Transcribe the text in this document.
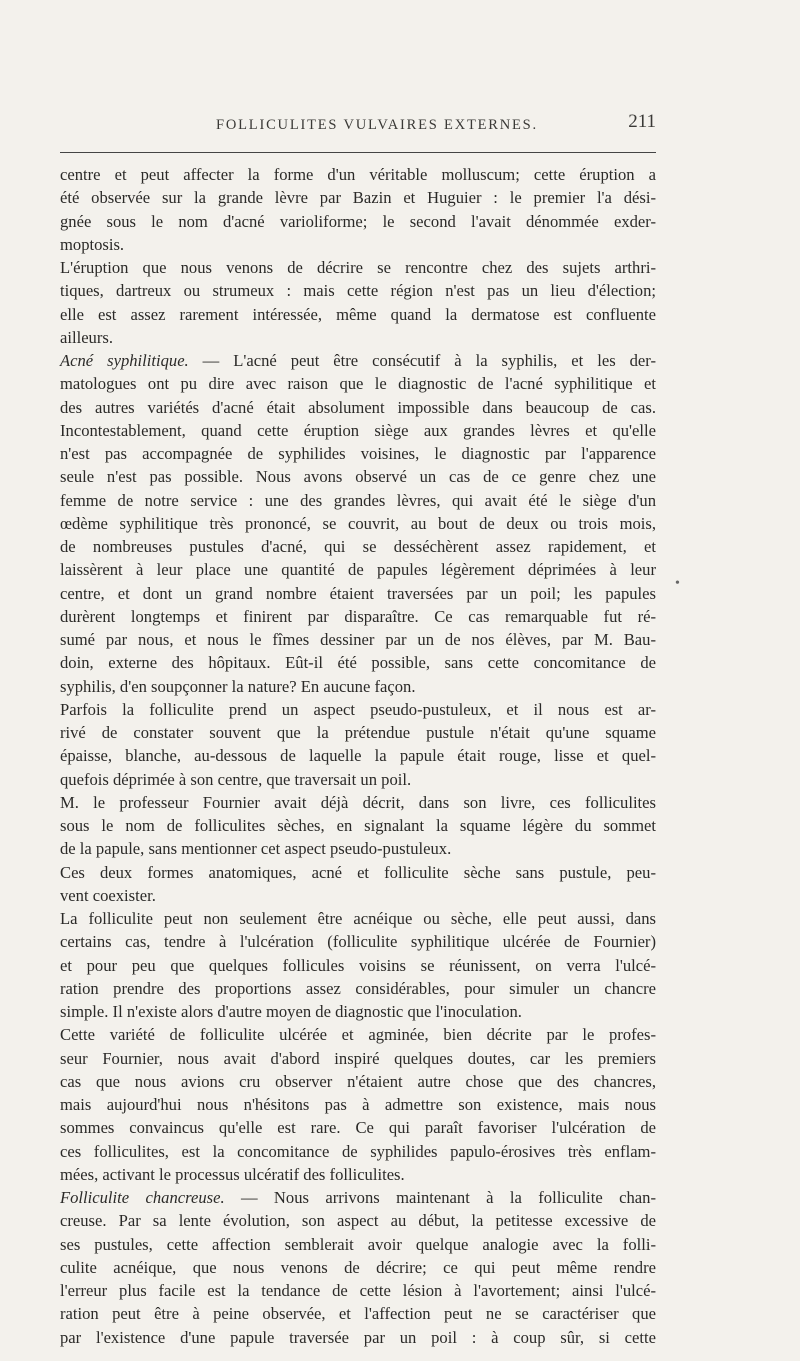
FOLLICULITES VULVAIRES EXTERNES.	211
centre et peut affecter la forme d'un véritable molluscum; cette éruption a
été observée sur la grande lèvre par Bazin et Huguier : le premier l'a dési-
gnée sous le nom d'acné varioliforme; le second l'avait dénommée exder-
moptosis.
L'éruption que nous venons de décrire se rencontre chez des sujets arthri-
tiques, dartreux ou strumeux : mais cette région n'est pas un lieu d'élection;
elle est assez rarement intéressée, même quand la dermatose est confluente
ailleurs.
Acné syphilitique. — L'acné peut être consécutif à la syphilis, et les der-
matologues ont pu dire avec raison que le diagnostic de l'acné syphilitique et
des autres variétés d'acné était absolument impossible dans beaucoup de cas.
Incontestablement, quand cette éruption siège aux grandes lèvres et qu'elle
n'est pas accompagnée de syphilides voisines, le diagnostic par l'apparence
seule n'est pas possible. Nous avons observé un cas de ce genre chez une
femme de notre service : une des grandes lèvres, qui avait été le siège d'un
œdème syphilitique très prononcé, se couvrit, au bout de deux ou trois mois,
de nombreuses pustules d'acné, qui se desséchèrent assez rapidement, et
laissèrent à leur place une quantité de papules légèrement déprimées à leur
centre, et dont un grand nombre étaient traversées par un poil; les papules
durèrent longtemps et finirent par disparaître. Ce cas remarquable fut ré-
sumé par nous, et nous le fîmes dessiner par un de nos élèves, par M. Bau-
doin, externe des hôpitaux. Eût-il été possible, sans cette concomitance de
syphilis, d'en soupçonner la nature? En aucune façon.
Parfois la folliculite prend un aspect pseudo-pustuleux, et il nous est ar-
rivé de constater souvent que la prétendue pustule n'était qu'une squame
épaisse, blanche, au-dessous de laquelle la papule était rouge, lisse et quel-
quefois déprimée à son centre, que traversait un poil.
M. le professeur Fournier avait déjà décrit, dans son livre, ces folliculites
sous le nom de folliculites sèches, en signalant la squame légère du sommet
de la papule, sans mentionner cet aspect pseudo-pustuleux.
Ces deux formes anatomiques, acné et folliculite sèche sans pustule, peu-
vent coexister.
La folliculite peut non seulement être acnéique ou sèche, elle peut aussi, dans
certains cas, tendre à l'ulcération (folliculite syphilitique ulcérée de Fournier)
et pour peu que quelques follicules voisins se réunissent, on verra l'ulcé-
ration prendre des proportions assez considérables, pour simuler un chancre
simple. Il n'existe alors d'autre moyen de diagnostic que l'inoculation.
Cette variété de folliculite ulcérée et agminée, bien décrite par le profes-
seur Fournier, nous avait d'abord inspiré quelques doutes, car les premiers
cas que nous avions cru observer n'étaient autre chose que des chancres,
mais aujourd'hui nous n'hésitons pas à admettre son existence, mais nous
sommes convaincus qu'elle est rare. Ce qui paraît favoriser l'ulcération de
ces folliculites, est la concomitance de syphilides papulo-érosives très enflam-
mées, activant le processus ulcératif des folliculites.
Folliculite chancreuse. — Nous arrivons maintenant à la folliculite chan-
creuse. Par sa lente évolution, son aspect au début, la petitesse excessive de
ses pustules, cette affection semblerait avoir quelque analogie avec la folli-
culite acnéique, que nous venons de décrire; ce qui peut même rendre
l'erreur plus facile est la tendance de cette lésion à l'avortement; ainsi l'ulcé-
ration peut être à peine observée, et l'affection peut ne se caractériser que
par l'existence d'une papule traversée par un poil : à coup sûr, si cette
•
